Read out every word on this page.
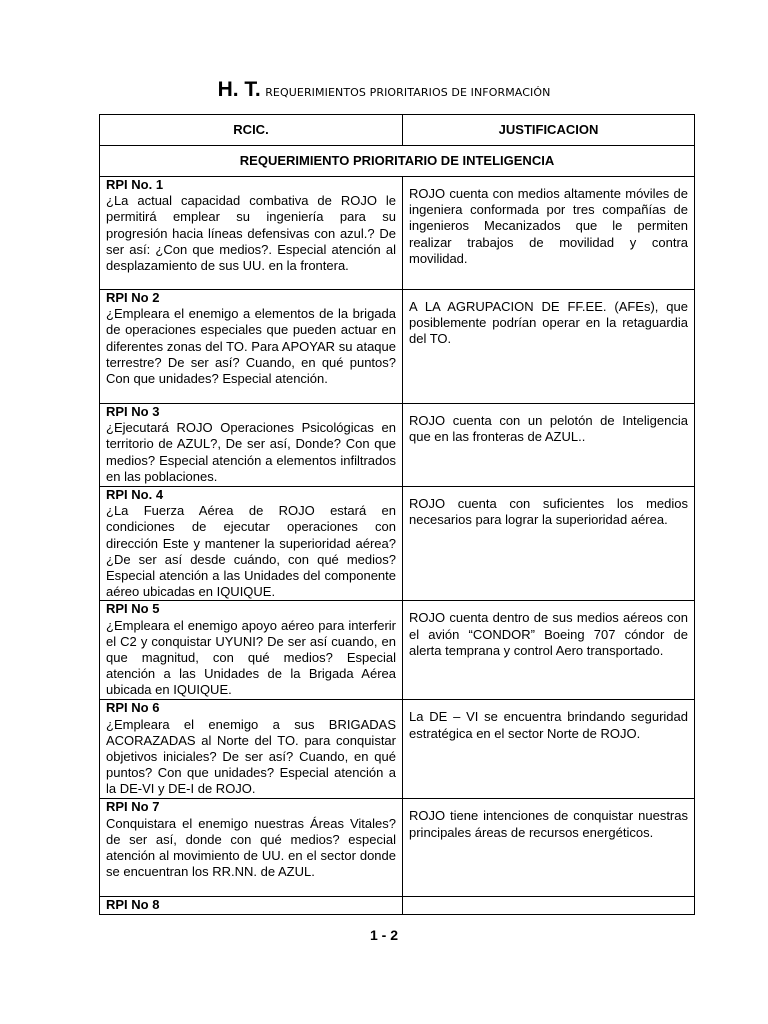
H. T. REQUERIMIENTOS PRIORITARIOS DE INFORMACIÓN
RCIC.	JUSTIFICACION
REQUERIMIENTO PRIORITARIO DE INTELIGENCIA	

RPI No. 1
¿La actual capacidad combativa de ROJO le permitirá emplear su ingeniería para su progresión hacia líneas defensivas con azul.? De ser así: ¿Con que medios?. Especial atención al desplazamiento de sus UU. en la frontera.	ROJO cuenta con medios altamente móviles de ingeniera conformada por tres compañías de ingenieros Mecanizados que le permiten realizar trabajos de movilidad y contra movilidad.

RPI No 2
¿Empleara el enemigo a elementos de la brigada de operaciones especiales que pueden actuar en diferentes zonas del TO. Para APOYAR su ataque terrestre? De ser así? Cuando, en qué puntos? Con que unidades? Especial atención.	A LA AGRUPACION DE FF.EE. (AFEs), que posiblemente podrían operar en la retaguardia del TO.

RPI No 3
¿Ejecutará ROJO Operaciones Psicológicas en territorio de AZUL?, De ser así, Donde? Con que medios? Especial atención a elementos infiltrados en las poblaciones.	ROJO cuenta con un pelotón de Inteligencia que en las fronteras de AZUL..

RPI No. 4
¿La Fuerza Aérea de ROJO estará en condiciones de ejecutar operaciones con dirección Este y mantener la superioridad aérea? ¿De ser así desde cuándo, con qué medios? Especial atención a las Unidades del componente aéreo ubicadas en IQUIQUE.	ROJO cuenta con suficientes los medios necesarios para lograr la superioridad aérea.

RPI No 5
¿Empleara el enemigo apoyo aéreo para interferir el C2 y conquistar UYUNI? De ser así cuando, en que magnitud, con qué medios? Especial atención a las Unidades de la Brigada Aérea ubicada en IQUIQUE.	ROJO cuenta dentro de sus medios aéreos con el avión “CONDOR” Boeing 707 cóndor de alerta temprana y control Aero transportado.

RPI No 6
¿Empleara el enemigo a sus BRIGADAS ACORAZADAS al Norte del TO. para conquistar objetivos iniciales? De ser así? Cuando, en qué puntos? Con que unidades? Especial atención a la DE-VI y DE-I de ROJO.	La DE – VI se encuentra brindando seguridad estratégica en el sector Norte de ROJO.

RPI No 7
Conquistara el enemigo nuestras Áreas Vitales? de ser así, donde con qué medios? especial atención al movimiento de UU. en el sector donde se encuentran los RR.NN. de AZUL.	ROJO tiene intenciones de conquistar nuestras principales áreas de recursos energéticos.

RPI No 8	

1 - 2
